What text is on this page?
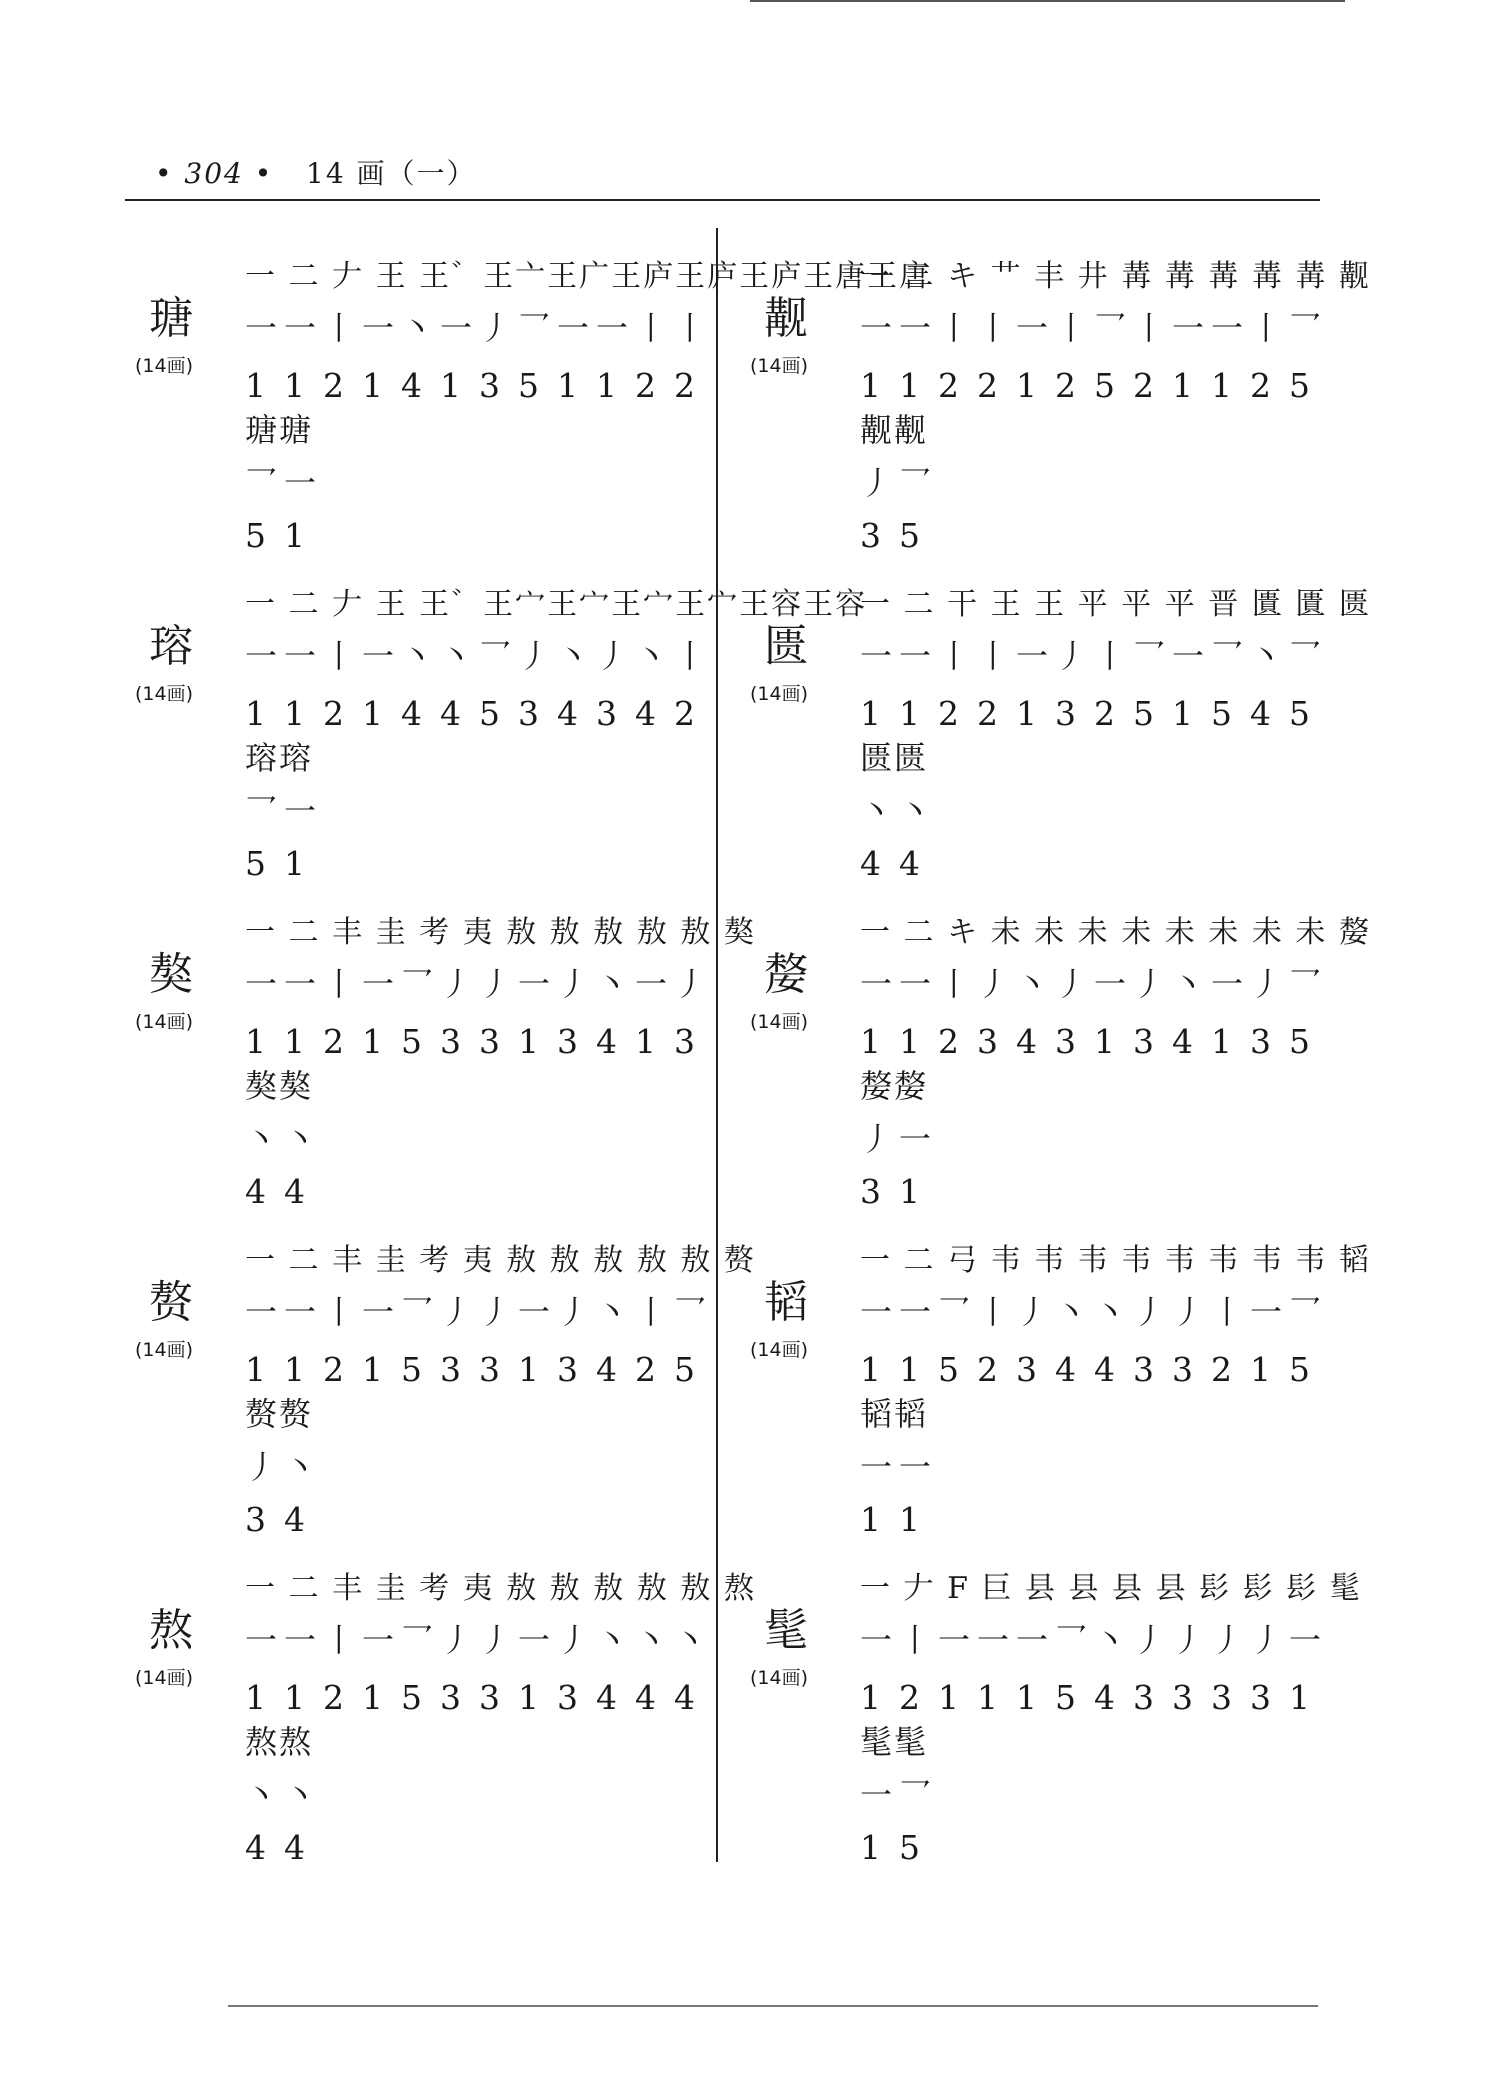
• 304 •   14 画（一）
瑭
(14画)
一 二 𠂇 王 王゛王亠王广王庐王庐王庐王唐王唐
一 一 丨 一 丶 一 丿 乛 一 一 丨 丨
1 1 2 1 4 1 3 5 1 1 2 2
瑭瑭
乛 一
5 1
瑢
(14画)
一 二 𠂇 王 王゛王宀王宀王宀王宀王容王容
一 一 丨 一 丶 丶 乛 丿 丶 丿 丶 丨
1 1 2 1 4 4 5 3 4 3 4 2
瑢瑢
乛 一
5 1
獒
(14画)
一 二 丰 圭 考 夷 敖 敖 敖 敖 敖 獒
一 一 丨 一 乛 丿 丿 一 丿 丶 一 丿
1 1 2 1 5 3 3 1 3 4 1 3
獒獒
丶 丶
4 4
赘
(14画)
一 二 丰 圭 考 夷 敖 敖 敖 敖 敖 赘
一 一 丨 一 乛 丿 丿 一 丿 丶 丨 乛
1 1 2 1 5 3 3 1 3 4 2 5
赘赘
丿 丶
3 4
熬
(14画)
一 二 丰 圭 考 夷 敖 敖 敖 敖 敖 熬
一 一 丨 一 乛 丿 丿 一 丿 丶 丶 丶
1 1 2 1 5 3 3 1 3 4 4 4
熬熬
丶 丶
4 4
觏
(14画)
一 二 キ 艹 丰 井 冓 冓 冓 冓 冓 觏
一 一 丨 丨 一 丨 乛 丨 一 一 丨 乛
1 1 2 2 1 2 5 2 1 1 2 5
觏觏
丿 乛
3 5
匮
(14画)
一 二 干 王 王 平 平 平 晋 匱 匱 匮
一 一 丨 丨 一 丿 丨 乛 一 乛 丶 乛
1 1 2 2 1 3 2 5 1 5 4 5
匮匮
丶 丶
4 4
嫠
(14画)
一 二 キ 未 未 未 未 未 未 未 未 嫠
一 一 丨 丿 丶 丿 一 丿 丶 一 丿 乛
1 1 2 3 4 3 1 3 4 1 3 5
嫠嫠
丿 一
3 1
韬
(14画)
一 二 弓 韦 韦 韦 韦 韦 韦 韦 韦 韬
一 一 乛 丨 丿 丶 丶 丿 丿 丨 一 乛
1 1 5 2 3 4 4 3 3 2 1 5
韬韬
一 一
1 1
髦
(14画)
一 𠂇 F 巨 县 县 县 县 髟 髟 髟 髦
一 丨 一 一 一 乛 丶 丿 丿 丿 丿 一
1 2 1 1 1 5 4 3 3 3 3 1
髦髦
一 乛
1 5
